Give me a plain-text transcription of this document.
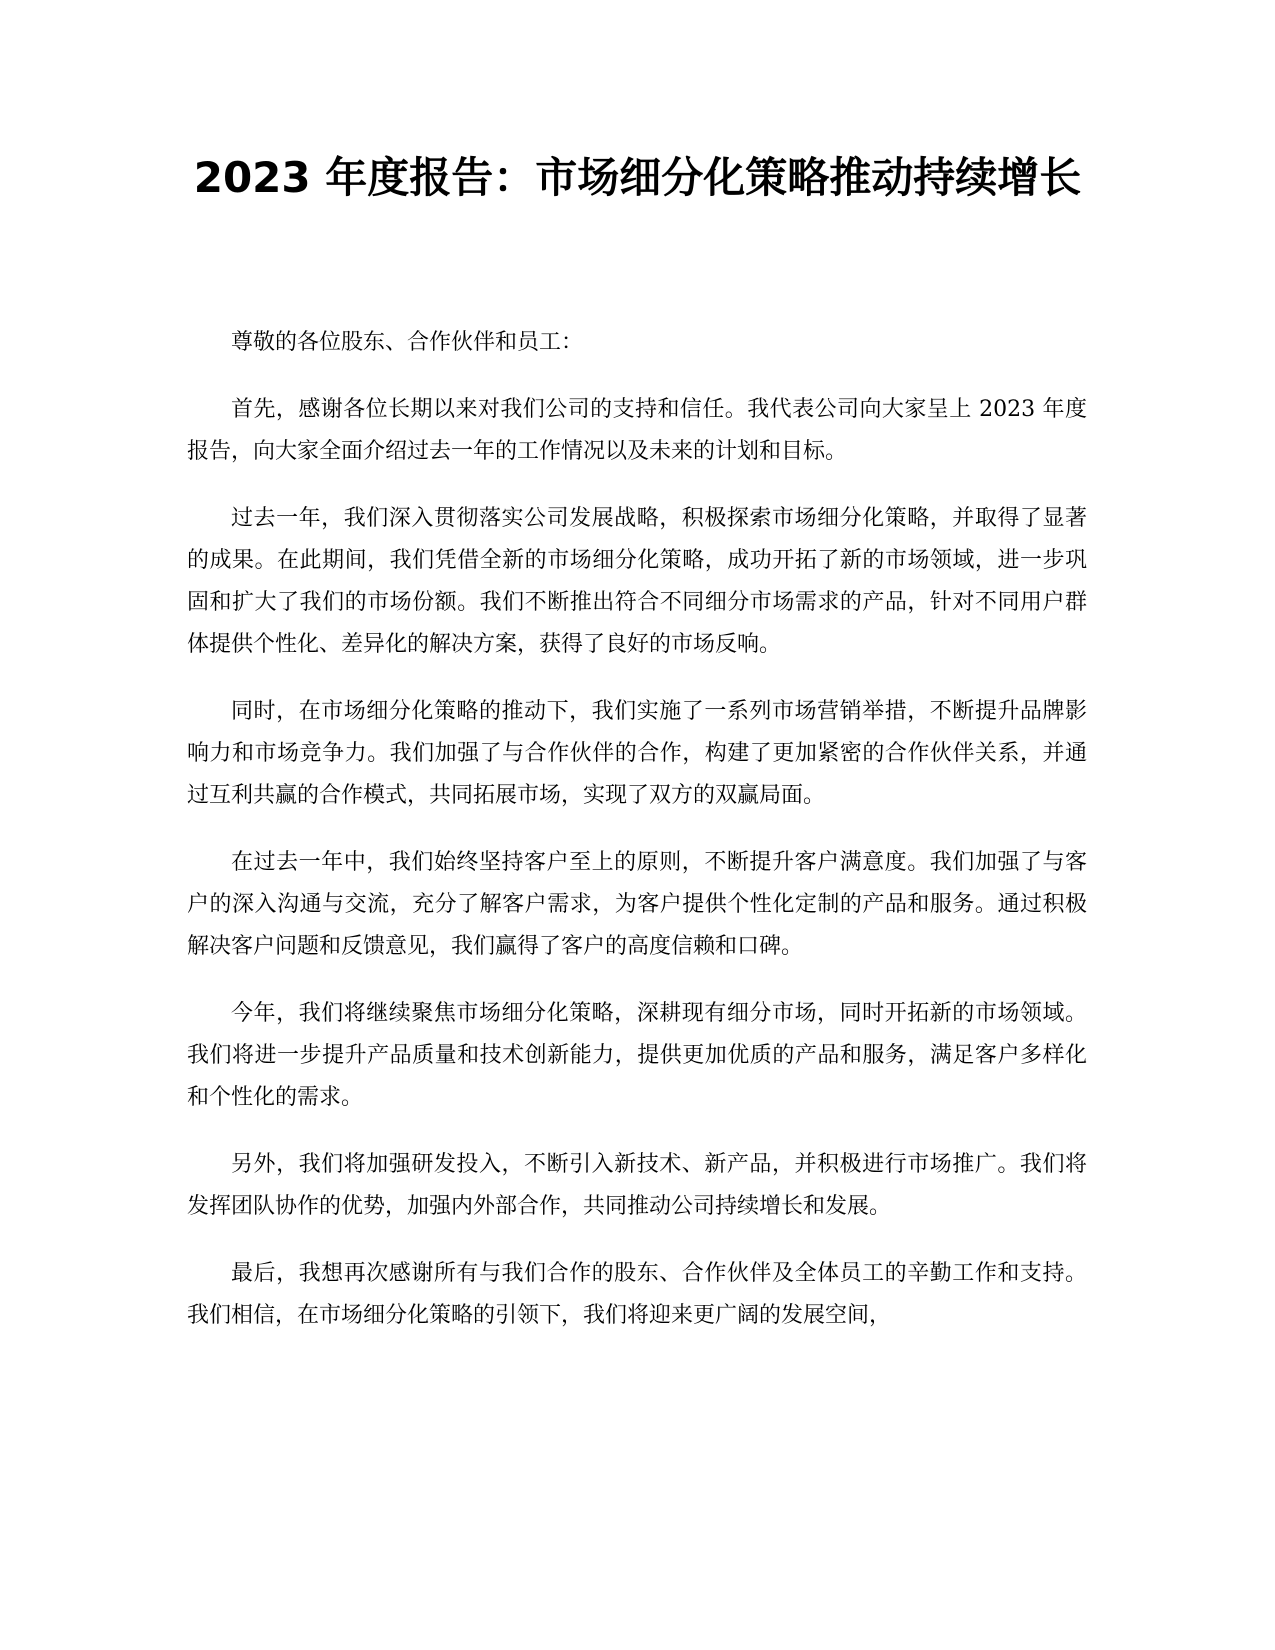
2023 年度报告：市场细分化策略推动持续增长

尊敬的各位股东、合作伙伴和员工：

首先，感谢各位长期以来对我们公司的支持和信任。我代表公司向大家呈上 2023 年度报告，向大家全面介绍过去一年的工作情况以及未来的计划和目标。

过去一年，我们深入贯彻落实公司发展战略，积极探索市场细分化策略，并取得了显著的成果。在此期间，我们凭借全新的市场细分化策略，成功开拓了新的市场领域，进一步巩固和扩大了我们的市场份额。我们不断推出符合不同细分市场需求的产品，针对不同用户群体提供个性化、差异化的解决方案，获得了良好的市场反响。

同时，在市场细分化策略的推动下，我们实施了一系列市场营销举措，不断提升品牌影响力和市场竞争力。我们加强了与合作伙伴的合作，构建了更加紧密的合作伙伴关系，并通过互利共赢的合作模式，共同拓展市场，实现了双方的双赢局面。

在过去一年中，我们始终坚持客户至上的原则，不断提升客户满意度。我们加强了与客户的深入沟通与交流，充分了解客户需求，为客户提供个性化定制的产品和服务。通过积极解决客户问题和反馈意见，我们赢得了客户的高度信赖和口碑。

今年，我们将继续聚焦市场细分化策略，深耕现有细分市场，同时开拓新的市场领域。我们将进一步提升产品质量和技术创新能力，提供更加优质的产品和服务，满足客户多样化和个性化的需求。

另外，我们将加强研发投入，不断引入新技术、新产品，并积极进行市场推广。我们将发挥团队协作的优势，加强内外部合作，共同推动公司持续增长和发展。

最后，我想再次感谢所有与我们合作的股东、合作伙伴及全体员工的辛勤工作和支持。我们相信，在市场细分化策略的引领下，我们将迎来更广阔的发展空间，
